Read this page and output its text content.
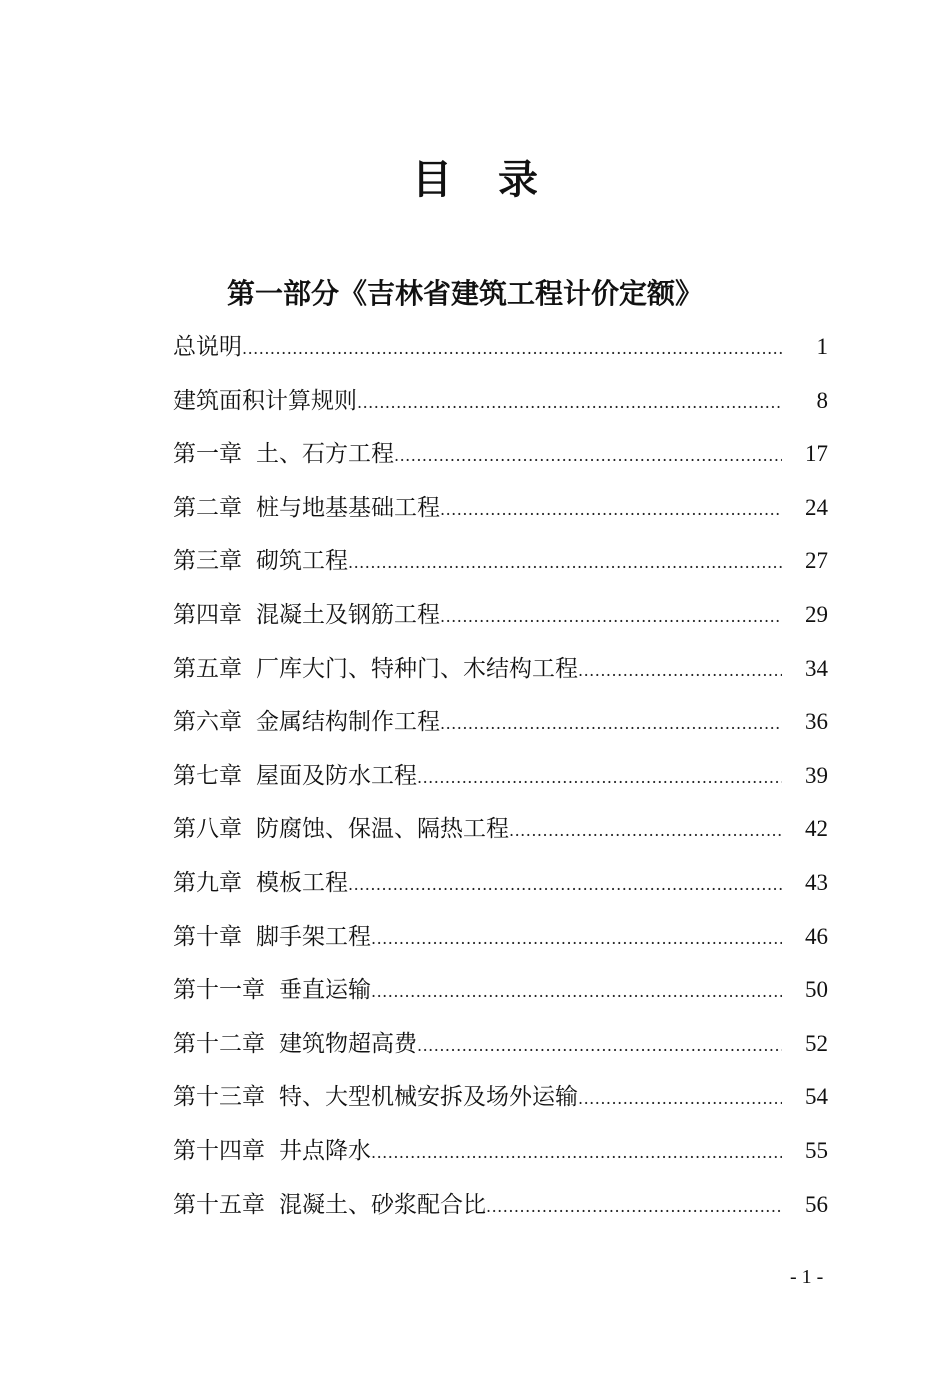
目 录
第一部分《吉林省建筑工程计价定额》
总说明 .....	1
建筑面积计算规则 .....	8
第一章 土、石方工程 .....	17
第二章 桩与地基基础工程 .....	24
第三章 砌筑工程 .....	27
第四章 混凝土及钢筋工程 .....	29
第五章 厂库大门、特种门、木结构工程 .....	34
第六章 金属结构制作工程 .....	36
第七章 屋面及防水工程 .....	39
第八章 防腐蚀、保温、隔热工程 .....	42
第九章 模板工程 .....	43
第十章 脚手架工程 .....	46
第十一章 垂直运输 .....	50
第十二章 建筑物超高费 .....	52
第十三章 特、大型机械安拆及场外运输 .....	54
第十四章 井点降水 .....	55
第十五章 混凝土、砂浆配合比 .....	56
- 1 -
